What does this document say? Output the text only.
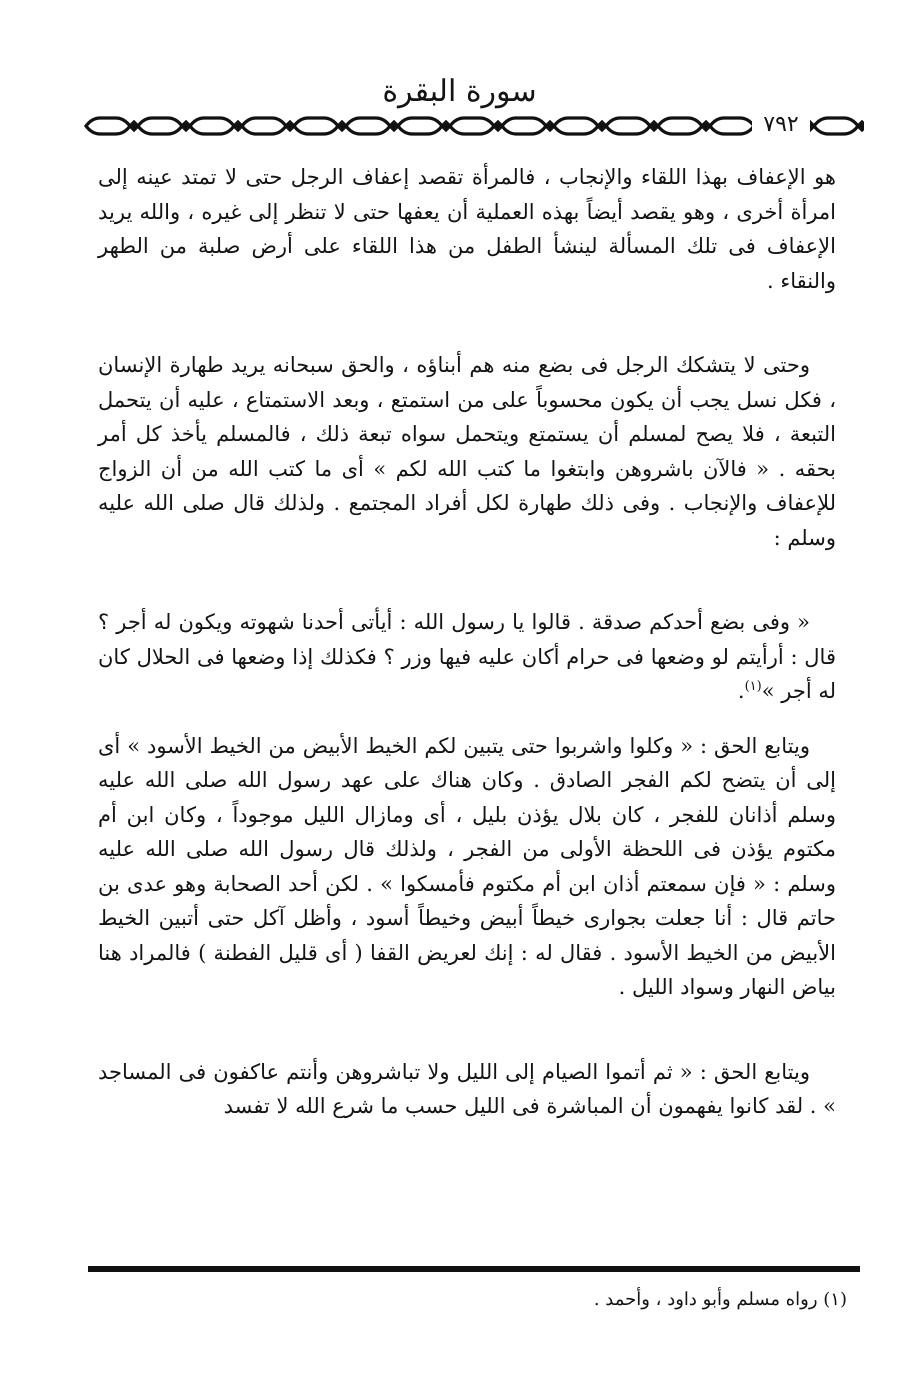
سورة البقرة
٧٩٢

هو الإعفاف بهذا اللقاء والإنجاب ، فالمرأة تقصد إعفاف الرجل حتى لا تمتد عينه إلى امرأة أخرى ، وهو يقصد أيضاً بهذه العملية أن يعفها حتى لا تنظر إلى غيره ، والله يريد الإعفاف فى تلك المسألة لينشأ الطفل من هذا اللقاء على أرض صلبة من الطهر والنقاء .

وحتى لا يتشكك الرجل فى بضع منه هم أبناؤه ، والحق سبحانه يريد طهارة الإنسان ، فكل نسل يجب أن يكون محسوباً على من استمتع ، وبعد الاستمتاع ، عليه أن يتحمل التبعة ، فلا يصح لمسلم أن يستمتع ويتحمل سواه تبعة ذلك ، فالمسلم يأخذ كل أمر بحقه . « فالآن باشروهن وابتغوا ما كتب الله لكم » أى ما كتب الله من أن الزواج للإعفاف والإنجاب . وفى ذلك طهارة لكل أفراد المجتمع . ولذلك قال صلى الله عليه وسلم :

« وفى بضع أحدكم صدقة . قالوا يا رسول الله : أيأتى أحدنا شهوته ويكون له أجر ؟ قال : أرأيتم لو وضعها فى حرام أكان عليه فيها وزر ؟ فكذلك إذا وضعها فى الحلال كان له أجر »$^{(١)}$.

ويتابع الحق : « وكلوا واشربوا حتى يتبين لكم الخيط الأبيض من الخيط الأسود » أى إلى أن يتضح لكم الفجر الصادق . وكان هناك على عهد رسول الله صلى الله عليه وسلم أذانان للفجر ، كان بلال يؤذن بليل ، أى ومازال الليل موجوداً ، وكان ابن أم مكتوم يؤذن فى اللحظة الأولى من الفجر ، ولذلك قال رسول الله صلى الله عليه وسلم : « فإن سمعتم أذان ابن أم مكتوم فأمسكوا » . لكن أحد الصحابة وهو عدى بن حاتم قال : أنا جعلت بجوارى خيطاً أبيض وخيطاً أسود ، وأظل آكل حتى أتبين الخيط الأبيض من الخيط الأسود . فقال له : إنك لعريض القفا ( أى قليل الفطنة ) فالمراد هنا بياض النهار وسواد الليل .

ويتابع الحق : « ثم أتموا الصيام إلى الليل ولا تباشروهن وأنتم عاكفون فى المساجد » . لقد كانوا يفهمون أن المباشرة فى الليل حسب ما شرع الله لا تفسد

(١) رواه مسلم وأبو داود ، وأحمد .
